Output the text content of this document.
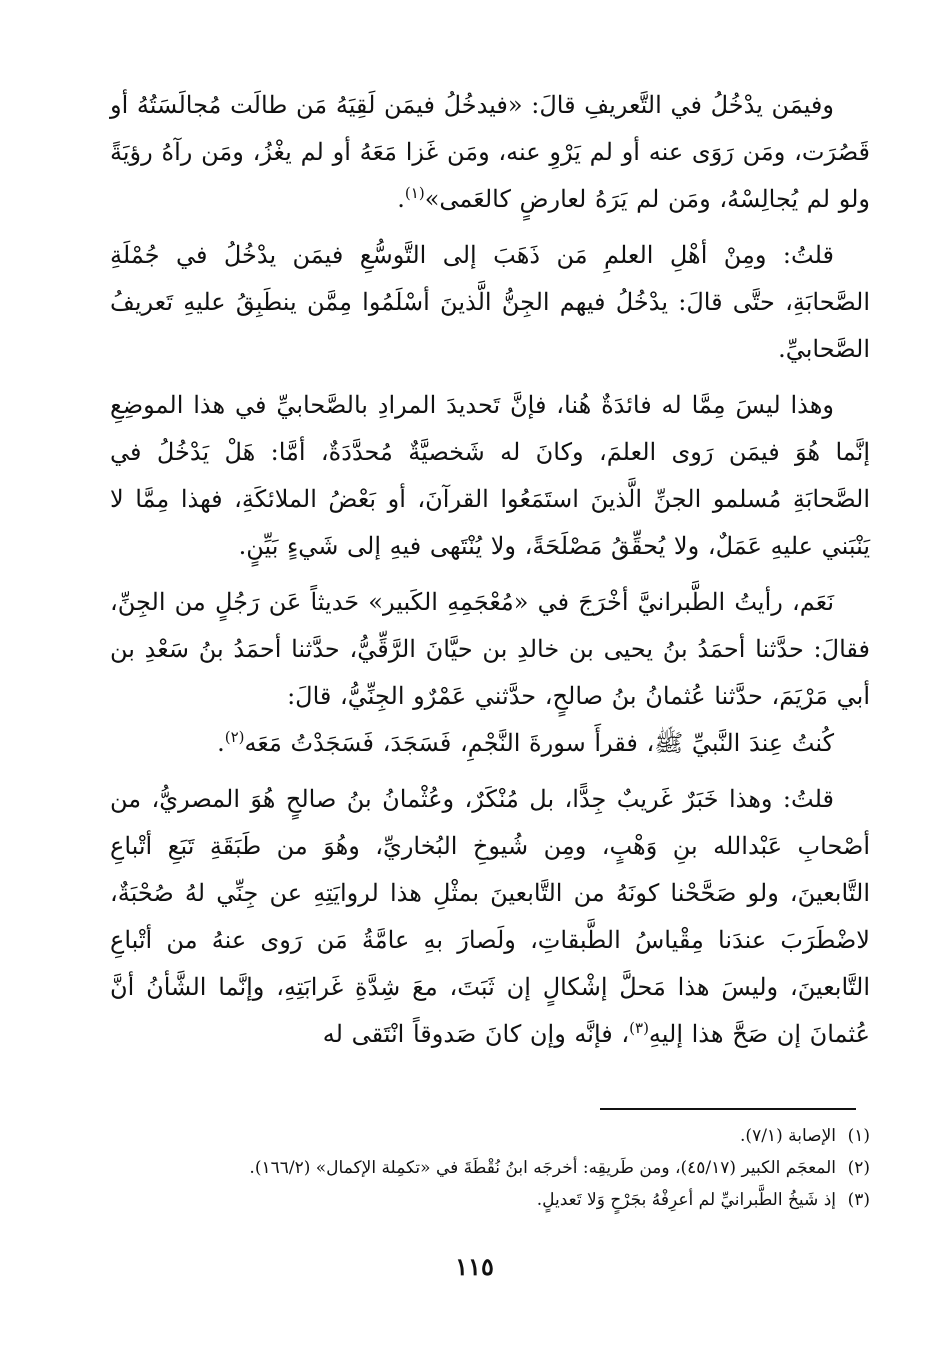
وفيمَن يدْخُلُ في التَّعريفِ قالَ: «فيدخُلُ فيمَن لَقِيَهُ مَن طالَت مُجالَسَتُهُ أو قَصُرَت، ومَن رَوَى عنه أو لم يَرْوِ عنه، ومَن غَزا مَعَهُ أو لم يغْزُ، ومَن رآهُ رؤيَةً ولو لم يُجالِسْهُ، ومَن لم يَرَهُ لعارضٍ كالعَمى»$^{(١)}$.

قلتُ: ومِنْ أهْلِ العلمِ مَن ذَهَبَ إلى التَّوسُّعِ فيمَن يدْخُلُ في جُمْلَةِ الصَّحابَةِ، حتَّى قالَ: يدْخُلُ فيهم الجِنُّ الَّذينَ أسْلَمُوا مِمَّن ينطَبِقُ عليهِ تَعريفُ الصَّحابيِّ.

وهذا ليسَ مِمَّا له فائدَةٌ هُنا، فإنَّ تَحديدَ المرادِ بالصَّحابيِّ في هذا الموضِعِ إنَّما هُوَ فيمَن رَوى العلمَ، وكانَ له شَخصيَّةٌ مُحدَّدَةٌ، أمَّا: هَلْ يَدْخُلُ في الصَّحابَةِ مُسلمو الجنِّ الَّذينَ استَمَعُوا القرآنَ، أو بَعْضُ الملائكَةِ، فهذا مِمَّا لا يَنْبَني عليهِ عَمَلٌ، ولا يُحقِّقُ مَصْلَحَةً، ولا يُنْتَهى فيهِ إلى شَيءٍ بَيِّنٍ.

نَعَم، رأيتُ الطَّبرانيَّ أخْرَجَ في «مُعْجَمِهِ الكَبير» حَديثاً عَن رَجُلٍ من الجِنِّ، فقالَ: حدَّثنا أحمَدُ بنُ يحيى بن خالدِ بن حيَّانَ الرَّقِّيُّ، حدَّثنا أحمَدُ بنُ سَعْدِ بن أبي مَرْيَمَ، حدَّثنا عُثمانُ بنُ صالحٍ، حدَّثني عَمْرٌو الجِنِّيُّ، قالَ:

كُنتُ عِندَ النَّبيِّ ﷺ، فقرأَ سورةَ النَّجْمِ، فَسَجَدَ، فَسَجَدْتُ مَعَه$^{(٢)}$.

قلتُ: وهذا خَبَرٌ غَريبٌ جِدًّا، بل مُنْكَرٌ، وعُثْمانُ بنُ صالحٍ هُوَ المصريُّ، من أصْحابِ عَبْدالله بنِ وَهْبٍ، ومِن شُيوخِ البُخاريِّ، وهُوَ من طَبَقَةِ تَبَعِ أتْباعِ التَّابعينَ، ولو صَحَّحْنا كونَهُ من التَّابعينَ بمثْلِ هذا لروايَتِهِ عن جِنِّي لهُ صُحْبَةٌ، لاضْطَرَبَ عندَنا مِقْياسُ الطَّبقاتِ، ولَصارَ بهِ عامَّةُ مَن رَوى عنهُ من أتْباعِ التَّابعينَ، وليسَ هذا مَحلَّ إشْكالٍ إن ثَبَتَ، معَ شِدَّةِ غَرابَتِهِ، وإنَّما الشَّأنُ أنَّ عُثمانَ إن صَحَّ هذا إليهِ$^{(٣)}$، فإنَّه وإن كانَ صَدوقاً انْتَقى له

(١)الإصابة (٧/١).

(٢)المعجَم الكبير (٤٥/١٧)، ومن طَريقِه: أخرجَه ابنُ نُقْطَةَ في «تكمِلة الإكمال» (١٦٦/٢).

(٣)إذ شَيخُ الطَّبرانيِّ لم أعرِفْهُ بجَرْحٍ وَلا تَعديلٍ.

١١٥
